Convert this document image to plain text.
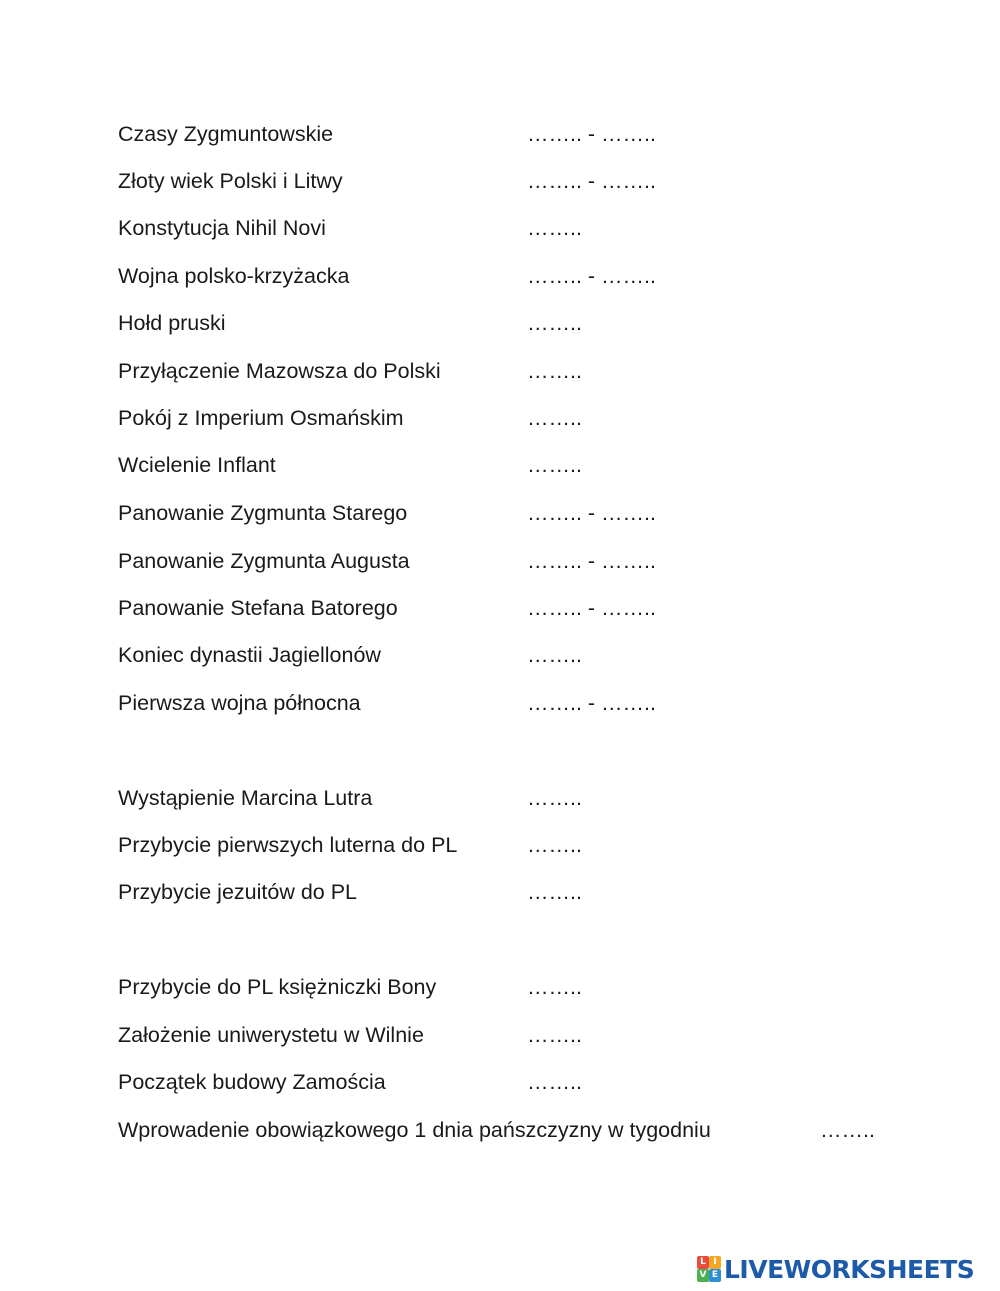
Czasy Zygmuntowskie	…….. - ……..
Złoty wiek Polski i Litwy	…….. - ……..
Konstytucja Nihil Novi	……..
Wojna polsko-krzyżacka	…….. - ……..
Hołd pruski	……..
Przyłączenie Mazowsza do Polski	……..
Pokój z Imperium Osmańskim	……..
Wcielenie Inflant	……..
Panowanie Zygmunta Starego	…….. - ……..
Panowanie Zygmunta Augusta	…….. - ……..
Panowanie Stefana Batorego	…….. - ……..
Koniec dynastii Jagiellonów	……..
Pierwsza wojna północna	…….. - ……..
Wystąpienie Marcina Lutra	……..
Przybycie pierwszych luterna do PL	……..
Przybycie jezuitów do PL	……..
Przybycie do PL księżniczki Bony	……..
Założenie uniwerystetu w Wilnie	……..
Początek budowy Zamościa	……..
Wprowadenie obowiązkowego 1 dnia pańszczyzny w tygodniu	……..
L I
V E LIVEWORKSHEETS
